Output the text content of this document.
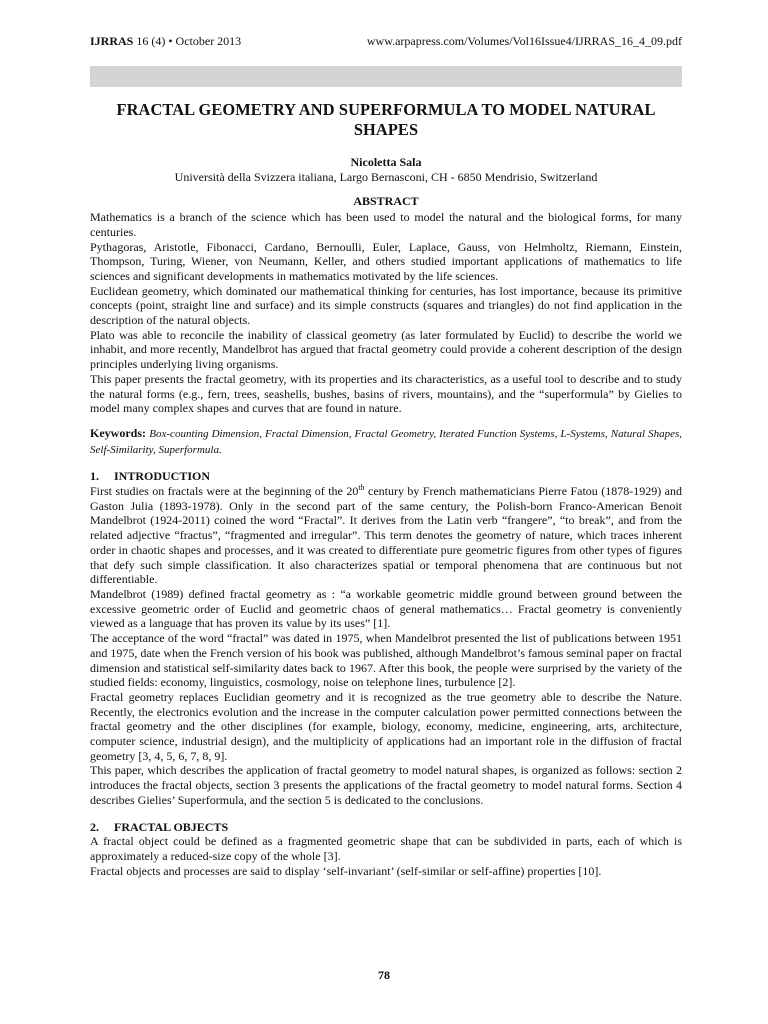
IJRRAS 16 (4) • October 2013	www.arpapress.com/Volumes/Vol16Issue4/IJRRAS_16_4_09.pdf
FRACTAL GEOMETRY AND SUPERFORMULA TO MODEL NATURAL SHAPES
Nicoletta Sala
Università della Svizzera italiana, Largo Bernasconi, CH - 6850 Mendrisio, Switzerland
ABSTRACT

Mathematics is a branch of the science which has been used to model the natural and the biological forms, for many centuries.

Pythagoras, Aristotle, Fibonacci, Cardano, Bernoulli, Euler, Laplace, Gauss, von Helmholtz, Riemann, Einstein, Thompson, Turing, Wiener, von Neumann, Keller, and others studied important applications of mathematics to life sciences and significant developments in mathematics motivated by the life sciences.

Euclidean geometry, which dominated our mathematical thinking for centuries, has lost importance, because its primitive concepts (point, straight line and surface) and its simple constructs (squares and triangles) do not find application in the description of the natural objects.

Plato was able to reconcile the inability of classical geometry (as later formulated by Euclid) to describe the world we inhabit, and more recently, Mandelbrot has argued that fractal geometry could provide a coherent description of the design principles underlying living organisms.

This paper presents the fractal geometry, with its properties and its characteristics, as a useful tool to describe and to study the natural forms (e.g., fern, trees, seashells, bushes, basins of rivers, mountains), and the “superformula” by Gielies to model many complex shapes and curves that are found in nature.

Keywords: Box-counting Dimension, Fractal Dimension, Fractal Geometry, Iterated Function Systems, L-Systems, Natural Shapes, Self-Similarity, Superformula.

1. INTRODUCTION

First studies on fractals were at the beginning of the 20th century by French mathematicians Pierre Fatou (1878-1929) and Gaston Julia (1893-1978). Only in the second part of the same century, the Polish-born Franco-American Benoit Mandelbrot (1924-2011) coined the word “Fractal”. It derives from the Latin verb “frangere”, “to break”, and from the related adjective “fractus”, “fragmented and irregular”. This term denotes the geometry of nature, which traces inherent order in chaotic shapes and processes, and it was created to differentiate pure geometric figures from other types of figures that defy such simple classification. It also characterizes spatial or temporal phenomena that are continuous but not differentiable.

Mandelbrot (1989) defined fractal geometry as : “a workable geometric middle ground between ground between the excessive geometric order of Euclid and geometric chaos of general mathematics… Fractal geometry is conveniently viewed as a language that has proven its value by its uses” [1].

The acceptance of the word “fractal” was dated in 1975, when Mandelbrot presented the list of publications between 1951 and 1975, date when the French version of his book was published, although Mandelbrot’s famous seminal paper on fractal dimension and statistical self-similarity dates back to 1967. After this book, the people were surprised by the variety of the studied fields: economy, linguistics, cosmology, noise on telephone lines, turbulence [2].

Fractal geometry replaces Euclidian geometry and it is recognized as the true geometry able to describe the Nature. Recently, the electronics evolution and the increase in the computer calculation power permitted connections between the fractal geometry and the other disciplines (for example, biology, economy, medicine, engineering, arts, architecture, computer science, industrial design), and the multiplicity of applications had an important role in the diffusion of fractal geometry [3, 4, 5, 6, 7, 8, 9].

This paper, which describes the application of fractal geometry to model natural shapes, is organized as follows: section 2 introduces the fractal objects, section 3 presents the applications of the fractal geometry to model natural forms. Section 4 describes Gielies’ Superformula, and the section 5 is dedicated to the conclusions.

2. FRACTAL OBJECTS

A fractal object could be defined as a fragmented geometric shape that can be subdivided in parts, each of which is approximately a reduced-size copy of the whole [3].

Fractal objects and processes are said to display ‘self-invariant’ (self-similar or self-affine) properties [10].

78
